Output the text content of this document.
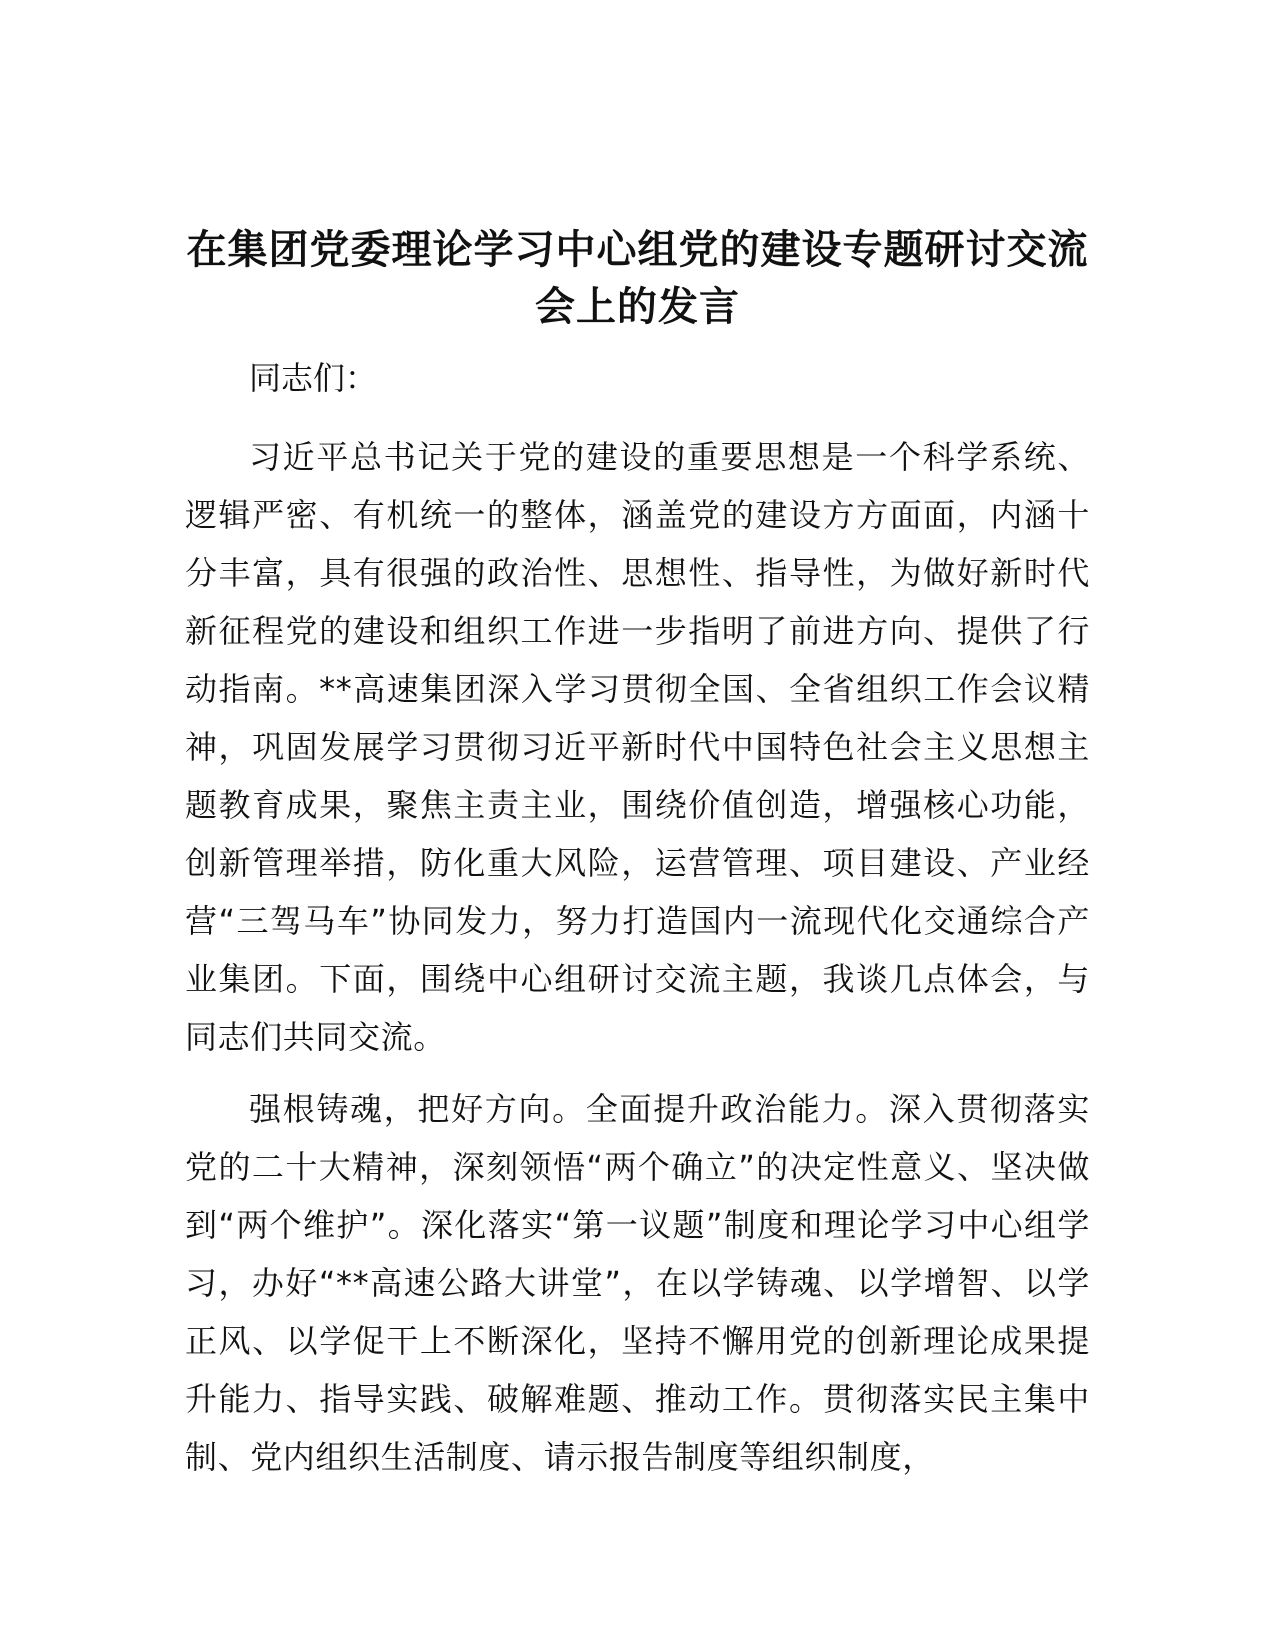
在集团党委理论学习中心组党的建设专题研讨交流会上的发言

同志们：

习近平总书记关于党的建设的重要思想是一个科学系统、逻辑严密、有机统一的整体，涵盖党的建设方方面面，内涵十分丰富，具有很强的政治性、思想性、指导性，为做好新时代新征程党的建设和组织工作进一步指明了前进方向、提供了行动指南。**高速集团深入学习贯彻全国、全省组织工作会议精神，巩固发展学习贯彻习近平新时代中国特色社会主义思想主题教育成果，聚焦主责主业，围绕价值创造，增强核心功能，创新管理举措，防化重大风险，运营管理、项目建设、产业经营“三驾马车”协同发力，努力打造国内一流现代化交通综合产业集团。下面，围绕中心组研讨交流主题，我谈几点体会，与同志们共同交流。

强根铸魂，把好方向。全面提升政治能力。深入贯彻落实党的二十大精神，深刻领悟“两个确立”的决定性意义、坚决做到“两个维护”。深化落实“第一议题”制度和理论学习中心组学习，办好“**高速公路大讲堂”，在以学铸魂、以学增智、以学正风、以学促干上不断深化，坚持不懈用党的创新理论成果提升能力、指导实践、破解难题、推动工作。贯彻落实民主集中制、党内组织生活制度、请示报告制度等组织制度，
